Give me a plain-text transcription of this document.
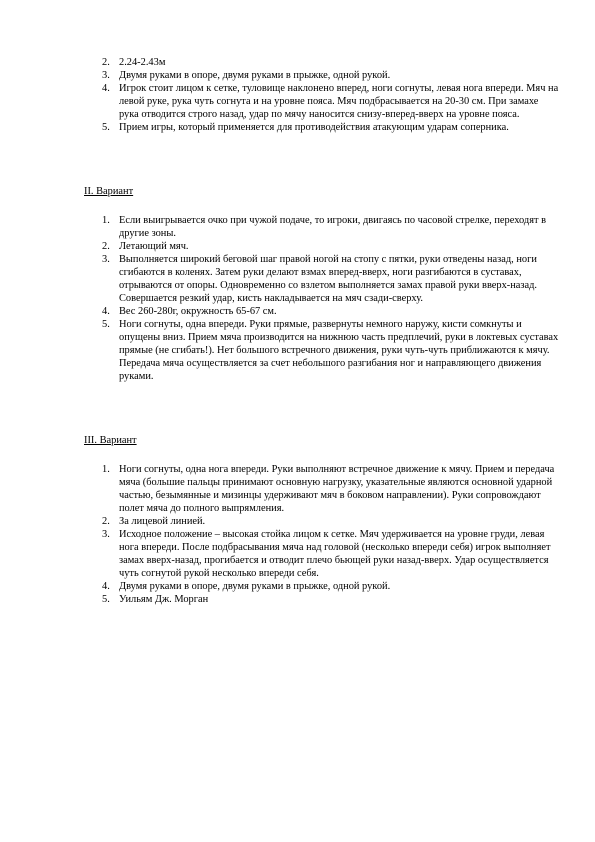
2. 2.24-2.43м
3. Двумя руками в опоре, двумя руками в прыжке, одной рукой.
4. Игрок стоит лицом к сетке, туловище наклонено вперед, ноги согнуты, левая нога впереди. Мяч на левой руке, рука чуть согнута и на уровне пояса. Мяч подбрасывается на 20-30 см. При замахе рука отводится строго назад, удар по мячу наносится снизу-вперед-вверх на уровне пояса.
5. Прием игры, который применяется для противодействия атакующим ударам соперника.
II. Вариант
1. Если выигрывается очко при чужой подаче, то игроки, двигаясь по часовой стрелке, переходят в другие зоны.
2. Летающий мяч.
3. Выполняется широкий беговой шаг правой ногой на стопу с пятки, руки отведены назад, ноги сгибаются в коленях. Затем руки делают взмах вперед-вверх, ноги разгибаются в суставах, отрываются от опоры. Одновременно со взлетом выполняется замах правой руки вверх-назад. Совершается резкий удар, кисть накладывается на мяч сзади-сверху.
4. Вес 260-280г, окружность 65-67 см.
5. Ноги согнуты, одна впереди. Руки прямые, развернуты немного наружу, кисти сомкнуты и опущены вниз. Прием мяча производится на нижнюю часть предплечий, руки в локтевых суставах прямые (не сгибать!). Нет большого встречного движения, руки чуть-чуть приближаются к мячу. Передача мяча осуществляется за счет небольшого разгибания ног и направляющего движения руками.
III. Вариант
1. Ноги согнуты, одна нога впереди. Руки выполняют встречное движение к мячу. Прием и передача мяча (большие пальцы принимают основную нагрузку, указательные являются основной ударной частью, безымянные и мизинцы удерживают мяч в боковом направлении). Руки сопровождают полет мяча до полного выпрямления.
2. За лицевой линией.
3. Исходное положение – высокая стойка лицом к сетке. Мяч удерживается на уровне груди, левая нога впереди. После подбрасывания мяча над головой (несколько впереди себя) игрок выполняет замах вверх-назад, прогибается и отводит плечо бьющей руки назад-вверх. Удар осуществляется чуть согнутой рукой несколько впереди себя.
4. Двумя руками в опоре, двумя руками в прыжке, одной рукой.
5. Уильям Дж. Морган
